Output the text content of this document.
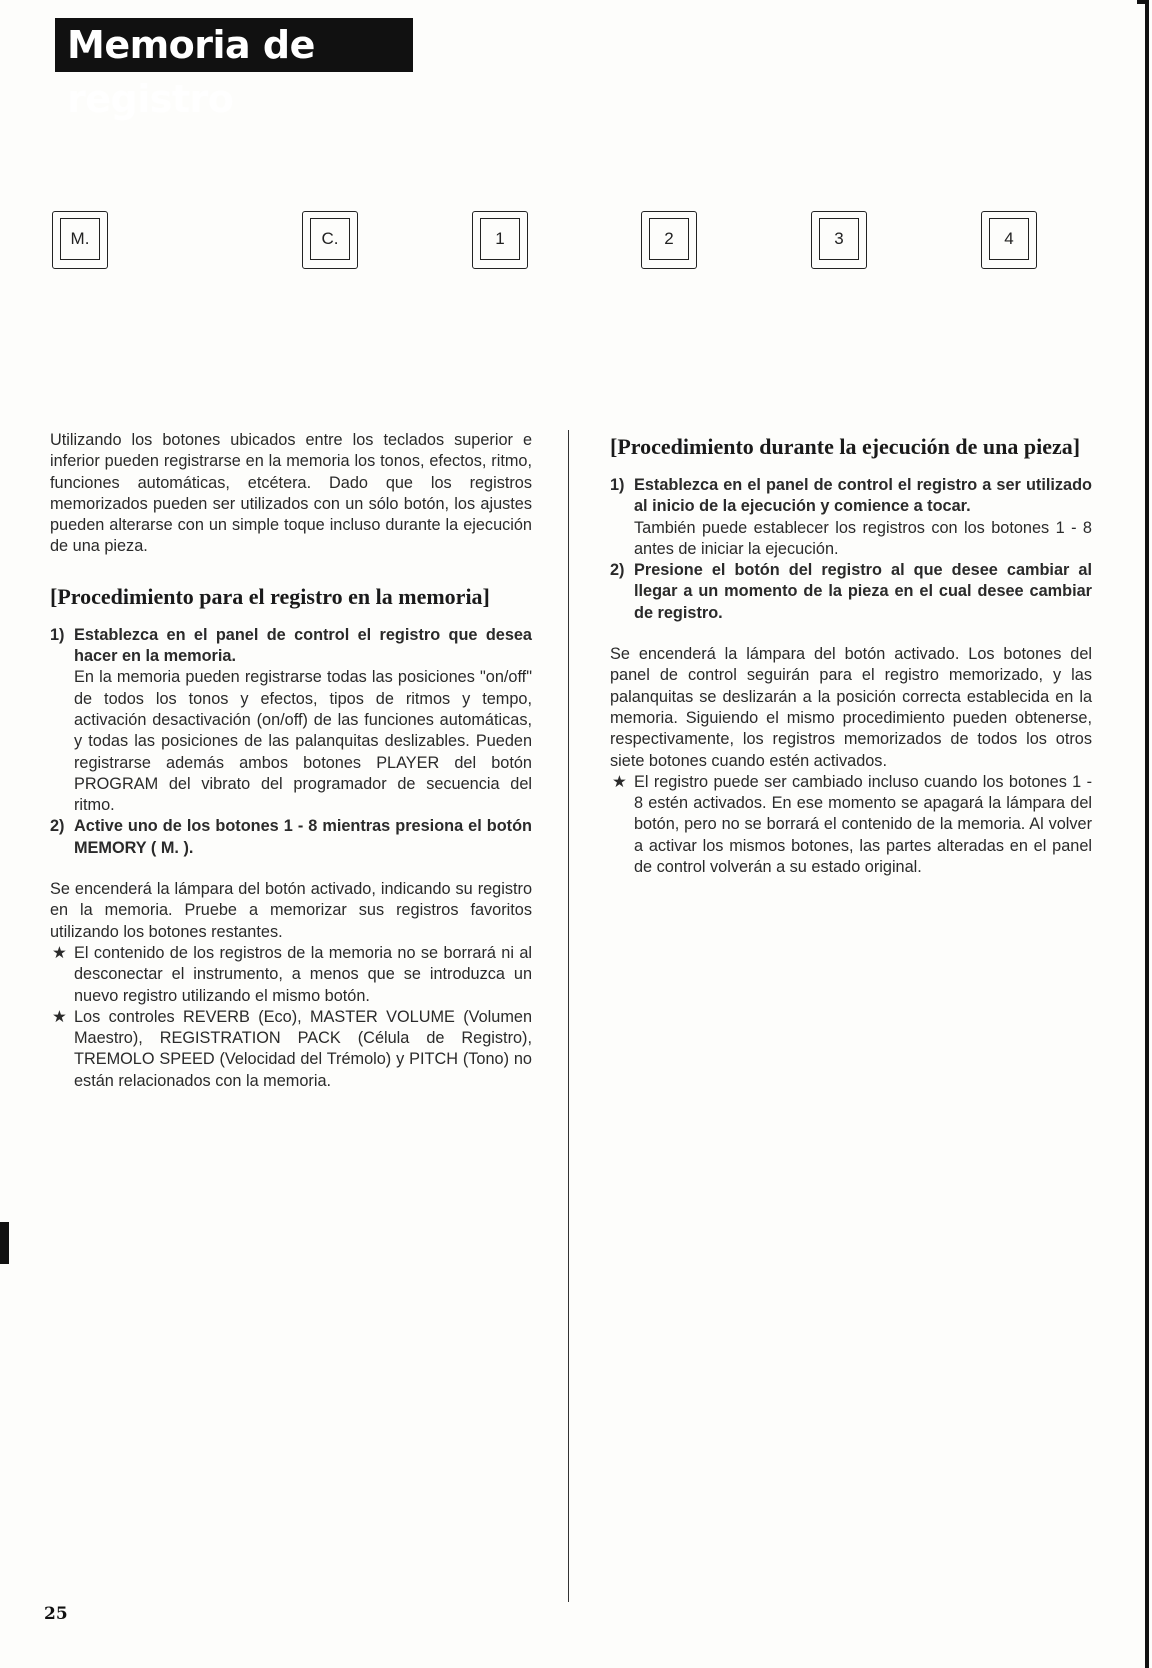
Memoria de registro
M.	C.	1	2	3	4

Utilizando los botones ubicados entre los teclados superior e inferior pueden registrarse en la memoria los tonos, efectos, ritmo, funciones automáticas, etcétera. Dado que los registros memorizados pueden ser utilizados con un sólo botón, los ajustes pueden alterarse con un simple toque incluso durante la ejecución de una pieza.

[Procedimiento para el registro en la memoria]
1) Establezca en el panel de control el registro que desea hacer en la memoria.
En la memoria pueden registrarse todas las posiciones "on/off" de todos los tonos y efectos, tipos de ritmos y tempo, activación desactivación (on/off) de las funciones automáticas, y todas las posiciones de las palanquitas deslizables. Pueden registrarse además ambos botones PLAYER del botón PROGRAM del vibrato del programador de secuencia del ritmo.
2) Active uno de los botones 1 - 8 mientras presiona el botón MEMORY ( M. ).

Se encenderá la lámpara del botón activado, indicando su registro en la memoria. Pruebe a memorizar sus registros favoritos utilizando los botones restantes.

★ El contenido de los registros de la memoria no se borrará ni al desconectar el instrumento, a menos que se introduzca un nuevo registro utilizando el mismo botón.
★ Los controles REVERB (Eco), MASTER VOLUME (Volumen Maestro), REGISTRATION PACK (Célula de Registro), TREMOLO SPEED (Velocidad del Trémolo) y PITCH (Tono) no están relacionados con la memoria.
[Procedimiento durante la ejecución de una pieza]
1) Establezca en el panel de control el registro a ser utilizado al inicio de la ejecución y comience a tocar.
También puede establecer los registros con los botones 1 - 8 antes de iniciar la ejecución.
2) Presione el botón del registro al que desee cambiar al llegar a un momento de la pieza en el cual desee cambiar de registro.

Se encenderá la lámpara del botón activado. Los botones del panel de control seguirán para el registro memorizado, y las palanquitas se deslizarán a la posición correcta establecida en la memoria. Siguiendo el mismo procedimiento pueden obtenerse, respectivamente, los registros memorizados de todos los otros siete botones cuando estén activados.

★ El registro puede ser cambiado incluso cuando los botones 1 - 8 estén activados. En ese momento se apagará la lámpara del botón, pero no se borrará el contenido de la memoria. Al volver a activar los mismos botones, las partes alteradas en el panel de control volverán a su estado original.
25
